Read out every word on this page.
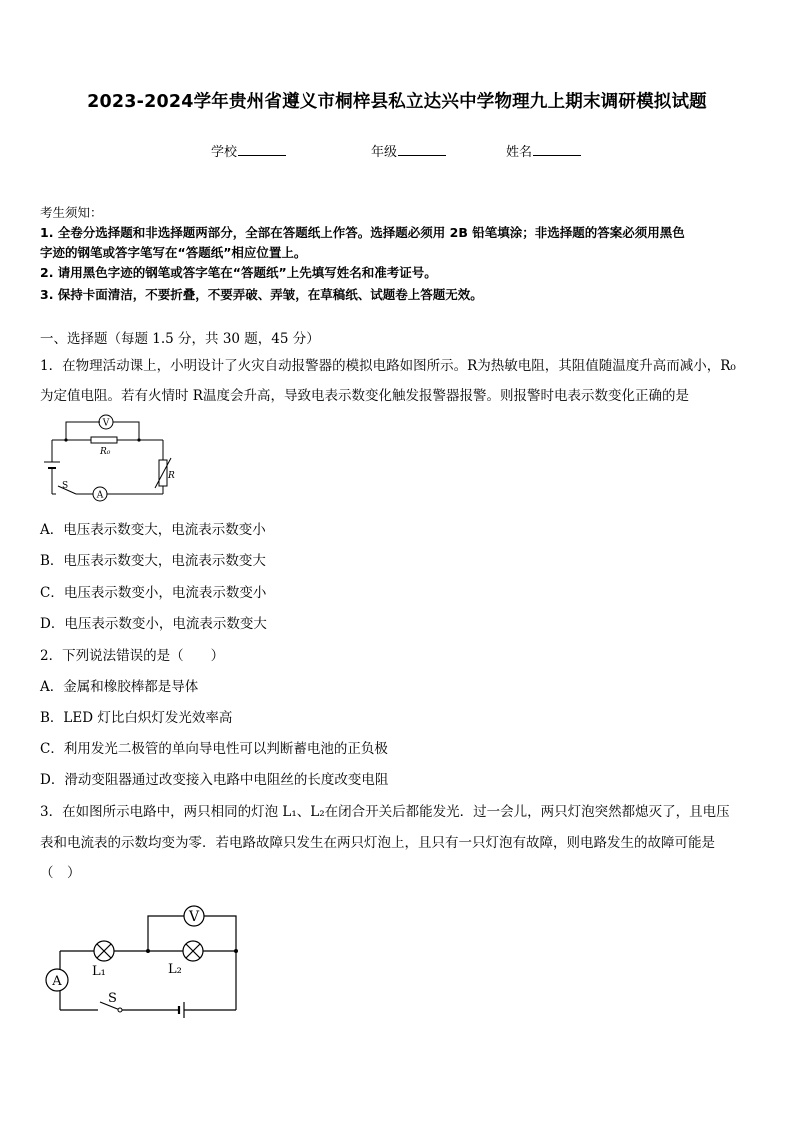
2023-2024学年贵州省遵义市桐梓县私立达兴中学物理九上期末调研模拟试题
学校	年级	姓名
考生须知：
1. 全卷分选择题和非选择题两部分，全部在答题纸上作答。选择题必须用 2B 铅笔填涂；非选择题的答案必须用黑色
字迹的钢笔或答字笔写在“答题纸”相应位置上。
2. 请用黑色字迹的钢笔或答字笔在“答题纸”上先填写姓名和准考证号。
3. 保持卡面清洁，不要折叠，不要弄破、弄皱，在草稿纸、试题卷上答题无效。
一、选择题（每题 1.5 分，共 30 题，45 分）
1．在物理活动课上，小明设计了火灾自动报警器的模拟电路如图所示。R为热敏电阻，其阻值随温度升高而减小，R₀
为定值电阻。若有火情时 R温度会升高，导致电表示数变化触发报警器报警。则报警时电表示数变化正确的是
V
R₀
R
S
A
A．电压表示数变大，电流表示数变小
B．电压表示数变大，电流表示数变大
C．电压表示数变小，电流表示数变小
D．电压表示数变小，电流表示数变大
2．下列说法错误的是（　　）
A．金属和橡胶棒都是导体
B．LED 灯比白炽灯发光效率高
C．利用发光二极管的单向导电性可以判断蓄电池的正负极
D．滑动变阻器通过改变接入电路中电阻丝的长度改变电阻
3．在如图所示电路中，两只相同的灯泡 L₁、L₂在闭合开关后都能发光．过一会儿，两只灯泡突然都熄灭了，且电压
表和电流表的示数均变为零．若电路故障只发生在两只灯泡上，且只有一只灯泡有故障，则电路发生的故障可能是
（　）
V
A
L₁	L₂
S
